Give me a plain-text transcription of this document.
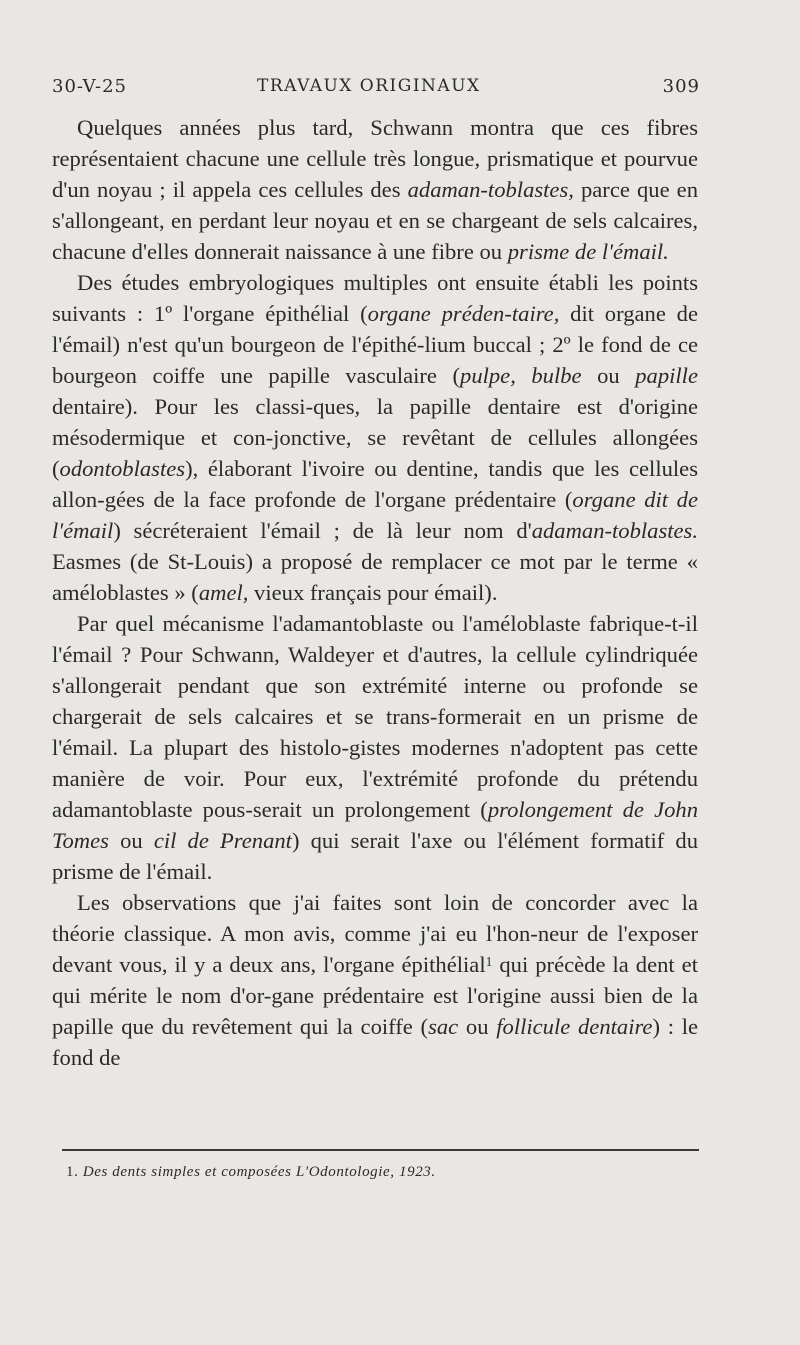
30-V-25	TRAVAUX ORIGINAUX	309

Quelques années plus tard, Schwann montra que ces fibres représentaient chacune une cellule très longue, prismatique et pourvue d'un noyau ; il appela ces cellules des adaman-toblastes, parce que en s'allongeant, en perdant leur noyau et en se chargeant de sels calcaires, chacune d'elles donnerait naissance à une fibre ou prisme de l'émail.

Des études embryologiques multiples ont ensuite établi les points suivants : 1º l'organe épithélial (organe préden-taire, dit organe de l'émail) n'est qu'un bourgeon de l'épithé-lium buccal ; 2º le fond de ce bourgeon coiffe une papille vasculaire (pulpe, bulbe ou papille dentaire). Pour les classi-ques, la papille dentaire est d'origine mésodermique et con-jonctive, se revêtant de cellules allongées (odontoblastes), élaborant l'ivoire ou dentine, tandis que les cellules allon-gées de la face profonde de l'organe prédentaire (organe dit de l'émail) sécréteraient l'émail ; de là leur nom d'adaman-toblastes. Easmes (de St-Louis) a proposé de remplacer ce mot par le terme « améloblastes » (amel, vieux français pour émail).

Par quel mécanisme l'adamantoblaste ou l'améloblaste fabrique-t-il l'émail ? Pour Schwann, Waldeyer et d'autres, la cellule cylindriquée s'allongerait pendant que son extrémité interne ou profonde se chargerait de sels calcaires et se trans-formerait en un prisme de l'émail. La plupart des histolo-gistes modernes n'adoptent pas cette manière de voir. Pour eux, l'extrémité profonde du prétendu adamantoblaste pous-serait un prolongement (prolongement de John Tomes ou cil de Prenant) qui serait l'axe ou l'élément formatif du prisme de l'émail.

Les observations que j'ai faites sont loin de concorder avec la théorie classique. A mon avis, comme j'ai eu l'hon-neur de l'exposer devant vous, il y a deux ans, l'organe épithélial$^1$ qui précède la dent et qui mérite le nom d'or-gane prédentaire est l'origine aussi bien de la papille que du revêtement qui la coiffe (sac ou follicule dentaire) : le fond de

1. Des dents simples et composées L'Odontologie, 1923.
